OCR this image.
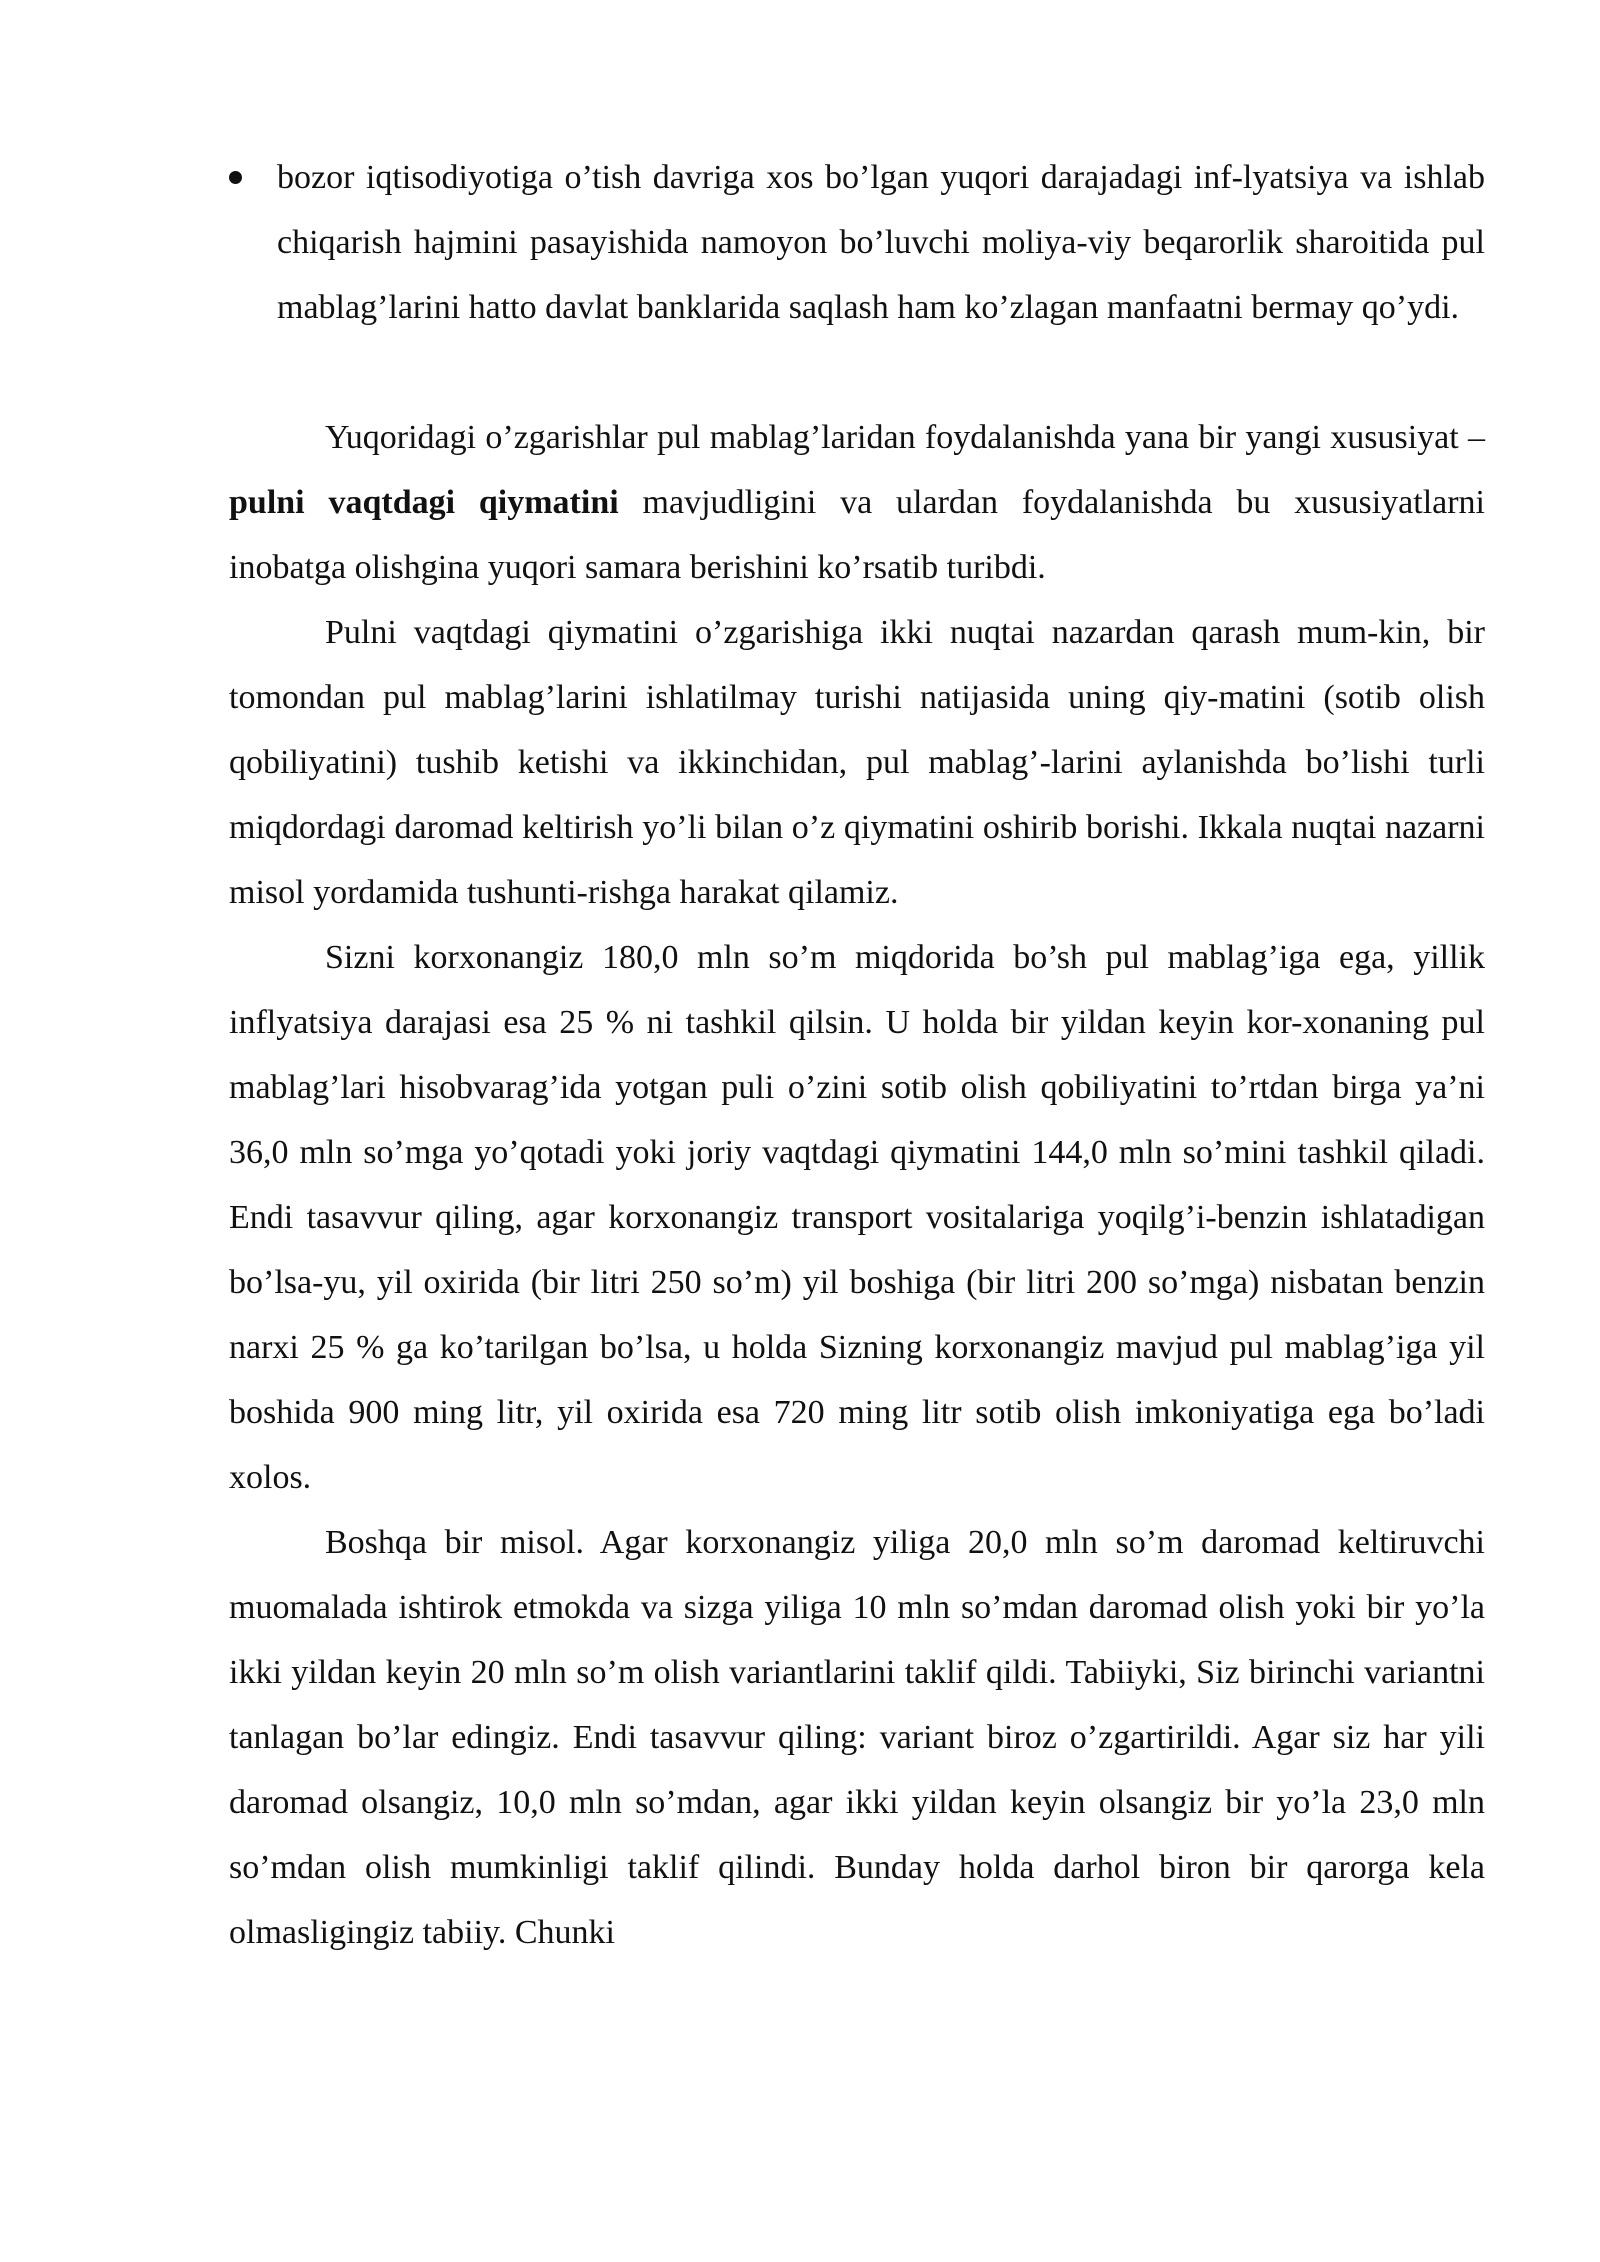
bozor iqtisodiyotiga o’tish davriga xos bo’lgan yuqori darajadagi inf-lyatsiya va ishlab chiqarish hajmini pasayishida namoyon bo’luvchi moliya-viy beqarorlik sharoitida pul mablag’larini hatto davlat banklarida saqlash ham ko’zlagan manfaatni bermay qo’ydi.

Yuqoridagi o’zgarishlar pul mablag’laridan foydalanishda yana bir yangi xususiyat – pulni vaqtdagi qiymatini mavjudligini va ulardan foydalanishda bu xususiyatlarni inobatga olishgina yuqori samara berishini ko’rsatib turibdi.

Pulni vaqtdagi qiymatini o’zgarishiga ikki nuqtai nazardan qarash mum-kin, bir tomondan pul mablag’larini ishlatilmay turishi natijasida uning qiy-matini (sotib olish qobiliyatini) tushib ketishi va ikkinchidan, pul mablag’-larini aylanishda bo’lishi turli miqdordagi daromad keltirish yo’li bilan o’z qiymatini oshirib borishi. Ikkala nuqtai nazarni misol yordamida tushunti-rishga harakat qilamiz.

Sizni korxonangiz 180,0 mln so’m miqdorida bo’sh pul mablag’iga ega, yillik inflyatsiya darajasi esa 25 % ni tashkil qilsin. U holda bir yildan keyin kor-xonaning pul mablag’lari hisobvarag’ida yotgan puli o’zini sotib olish qobiliyatini to’rtdan birga ya’ni 36,0 mln so’mga yo’qotadi yoki joriy vaqtdagi qiymatini 144,0 mln so’mini tashkil qiladi. Endi tasavvur qiling, agar korxonangiz transport vositalariga yoqilg’i-benzin ishlatadigan bo’lsa-yu, yil oxirida (bir litri 250 so’m) yil boshiga (bir litri 200 so’mga) nisbatan benzin narxi 25 % ga ko’tarilgan bo’lsa, u holda Sizning korxonangiz mavjud pul mablag’iga yil boshida 900 ming litr, yil oxirida esa 720 ming litr sotib olish imkoniyatiga ega bo’ladi xolos.

Boshqa bir misol. Agar korxonangiz yiliga 20,0 mln so’m daromad keltiruvchi muomalada ishtirok etmokda va sizga yiliga 10 mln so’mdan daromad olish yoki bir yo’la ikki yildan keyin 20 mln so’m olish variantlarini taklif qildi. Tabiiyki, Siz birinchi variantni tanlagan bo’lar edingiz. Endi tasavvur qiling: variant biroz o’zgartirildi. Agar siz har yili daromad olsangiz, 10,0 mln so’mdan, agar ikki yildan keyin olsangiz bir yo’la 23,0 mln so’mdan olish mumkinligi taklif qilindi. Bunday holda darhol biron bir qarorga kela olmasligingiz tabiiy. Chunki
